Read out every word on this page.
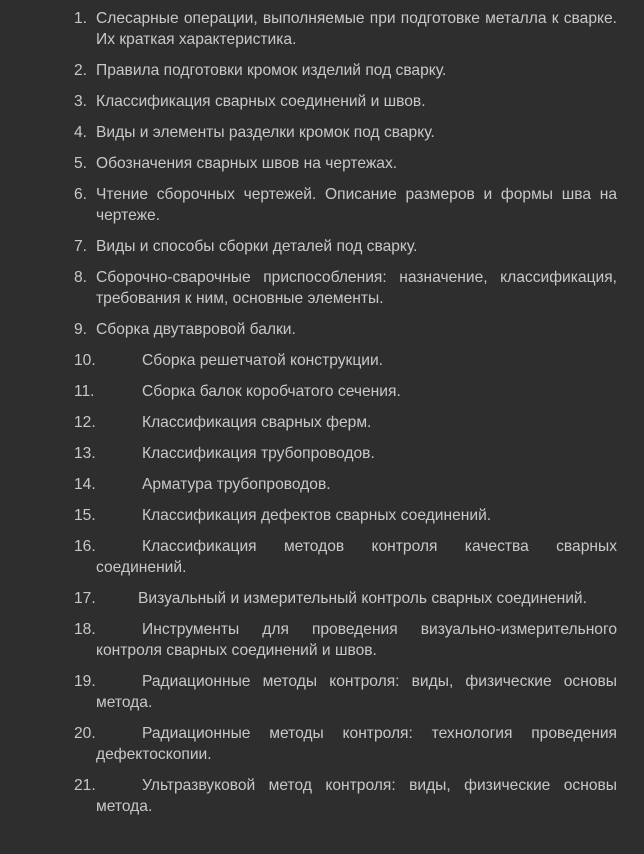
1. Слесарные операции, выполняемые при подготовке металла к сварке. Их краткая характеристика.
2. Правила подготовки кромок изделий под сварку.
3. Классификация сварных соединений и швов.
4. Виды и элементы разделки кромок под сварку.
5. Обозначения сварных швов на чертежах.
6. Чтение сборочных чертежей. Описание размеров и формы шва на чертеже.
7. Виды и способы сборки деталей под сварку.
8. Сборочно-сварочные приспособления: назначение, классификация, требования к ним, основные элементы.
9. Сборка двутавровой балки.
10.	Сборка решетчатой конструкции.
11.	Сборка балок коробчатого сечения.
12.	Классификация сварных ферм.
13.	Классификация трубопроводов.
14.	Арматура трубопроводов.
15.	Классификация дефектов сварных соединений.
16.	Классификация методов контроля качества сварных соединений.
17.	Визуальный и измерительный контроль сварных соединений.
18.	Инструменты для проведения визуально-измерительного контроля сварных соединений и швов.
19.	Радиационные методы контроля: виды, физические основы метода.
20.	Радиационные методы контроля: технология проведения дефектоскопии.
21.	Ультразвуковой метод контроля: виды, физические основы метода.
